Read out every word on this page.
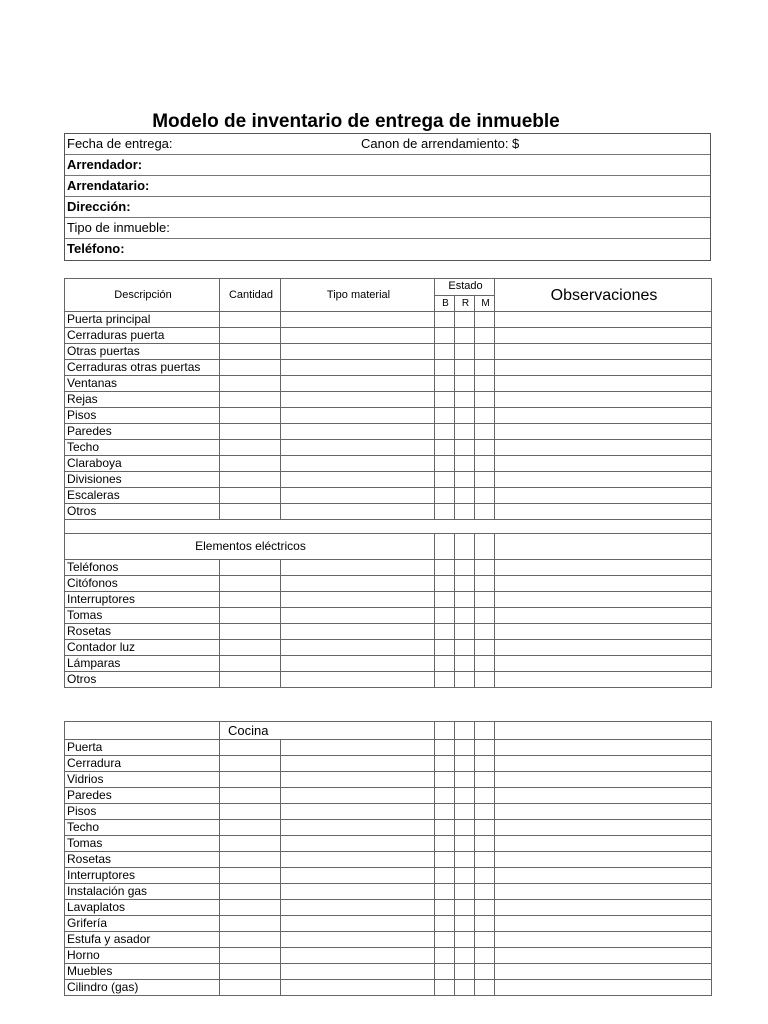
Modelo de inventario de entrega de inmueble
Fecha de entrega:	Canon de arrendamiento: $
Arrendador:
Arrendatario:
Dirección:
Tipo de inmueble:
Teléfono:
Descripción	Cantidad	Tipo material	Estado			Observaciones
			B	R	M	
Puerta principal						
Cerraduras puerta						
Otras puertas						
Cerraduras otras puertas						
Ventanas						
Rejas						
Pisos						
Paredes						
Techo						
Claraboya						
Divisiones						
Escaleras						
Otros						

Elementos eléctricos						
Teléfonos						
Citófonos						
Interruptores						
Tomas						
Rosetas						
Contador luz						
Lámparas						
Otros						
	Cocina					
Puerta						
Cerradura						
Vidrios						
Paredes						
Pisos						
Techo						
Tomas						
Rosetas						
Interruptores						
Instalación gas						
Lavaplatos						
Grifería						
Estufa y asador						
Horno						
Muebles						
Cilindro (gas)						
